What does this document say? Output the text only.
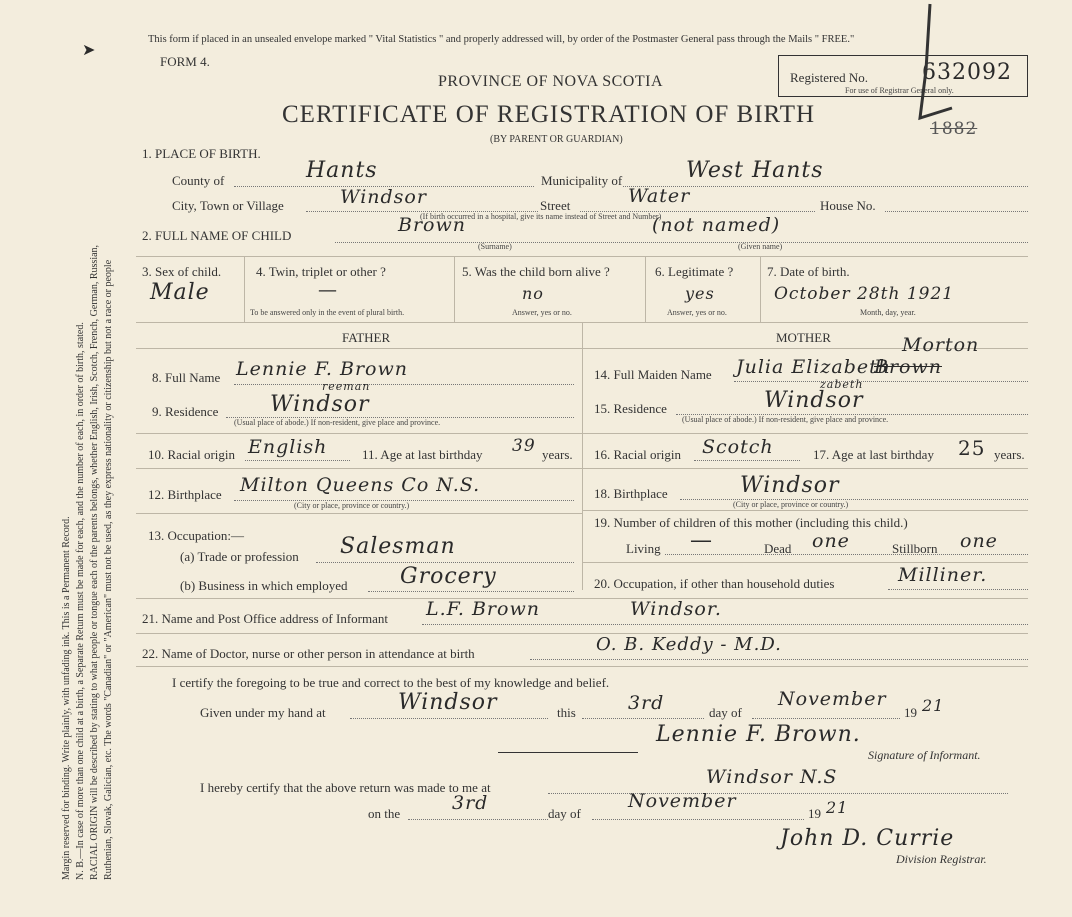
Margin reserved for binding. Write plainly, with unfading ink. This is a Permanent Record. N. B.—In case of more than one child at a birth, a Separate Return must be made for each, and the number of each, in order of birth, stated. RACIAL ORIGIN will be described by stating to what people or tongue each of the parents belongs, whether English, Irish, Scotch, French, German, Russian, Ruthenian, Slovak, Galician, etc. The words "Canadian" or "American" must not be used, as they express nationality or citizenship but not a race or people
➤
This form if placed in an unsealed envelope marked " Vital Statistics " and properly addressed will, by order of the Postmaster General pass through the Mails " FREE."
FORM 4.
PROVINCE OF NOVA SCOTIA
CERTIFICATE OF REGISTRATION OF BIRTH
(BY PARENT OR GUARDIAN)
Registered No. 632092
For use of Registrar General only.
1882
1. PLACE OF BIRTH.
County of	Hants	Municipality of	West Hants
City, Town or Village	Windsor	Street	Water	House No.
(If birth occurred in a hospital, give its name instead of Street and Number)
2. FULL NAME OF CHILD	Brown	(not named)
(Surname)	(Given name)
3. Sex of child.
Male
4. Twin, triplet or other ?
—
To be answered only in the event of plural birth.
5. Was the child born alive ?
no
Answer, yes or no.
6. Legitimate ?
yes
Answer, yes or no.
7. Date of birth.
October 28th 1921
Month, day, year.
FATHER	MOTHER
8. Full Name Lennie F. Brown
reeman
9. Residence Windsor
(Usual place of abode.) If non-resident, give place and province.
10. Racial origin English	11. Age at last birthday 39 years.
12. Birthplace Milton Queens Co N.S.
(City or place, province or country.)
13. Occupation:—
(a) Trade or profession Salesman
(b) Business in which employed Grocery
14. Full Maiden Name Julia Elizabeth
Brown
Morton
zabeth
15. Residence	Windsor
(Usual place of abode.) If non-resident, give place and province.
16. Racial origin Scotch	17. Age at last birthday 25 years.
18. Birthplace	Windsor
(City or place, province or country.)
19. Number of children of this mother (including this child.)
Living —	Dead one	Stillborn one
20. Occupation, if other than household duties	Milliner.
21. Name and Post Office address of Informant L.F. Brown	Windsor.
22. Name of Doctor, nurse or other person in attendance at birth	O. B. Keddy - M.D.
I certify the foregoing to be true and correct to the best of my knowledge and belief.
Given under my hand at	Windsor	this	3rd	day of
November
19 21
Lennie F. Brown.
Signature of Informant.
I hereby certify that the above return was made to me at	Windsor N.S
on the	3rd	day of
November
19 21
John D. Currie
Division Registrar.
